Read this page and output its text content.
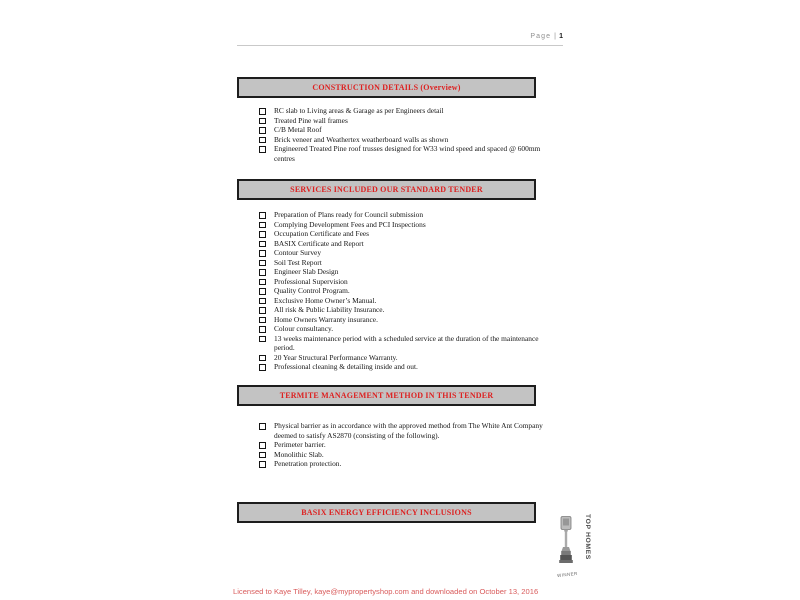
Page | 1
CONSTRUCTION DETAILS (Overview)
RC slab to Living areas & Garage as per Engineers detail
Treated Pine wall frames
C/B Metal Roof
Brick veneer and Weathertex weatherboard walls as shown
Engineered Treated Pine roof trusses designed for W33 wind speed and spaced @ 600mm centres
SERVICES INCLUDED OUR STANDARD TENDER
Preparation of Plans ready for Council submission
Complying Development Fees and PCI Inspections
Occupation Certificate and Fees
BASIX Certificate and Report
Contour Survey
Soil Test Report
Engineer Slab Design
Professional Supervision
Quality Control Program.
Exclusive Home Owner’s Manual.
All risk & Public Liability Insurance.
Home Owners Warranty insurance.
Colour consultancy.
13 weeks maintenance period with a scheduled service at the duration of the maintenance period.
20 Year Structural Performance Warranty.
Professional cleaning & detailing inside and out.
TERMITE MANAGEMENT METHOD IN THIS TENDER
Physical barrier as in accordance with the approved method from The White Ant Company deemed to satisfy AS2870 (consisting of the following).
Perimeter barrier.
Monolithic Slab.
Penetration protection.
BASIX ENERGY EFFICIENCY INCLUSIONS
TOP HOMES
WINNER
Licensed to Kaye Tilley, kaye@mypropertyshop.com and downloaded on October 13, 2016
